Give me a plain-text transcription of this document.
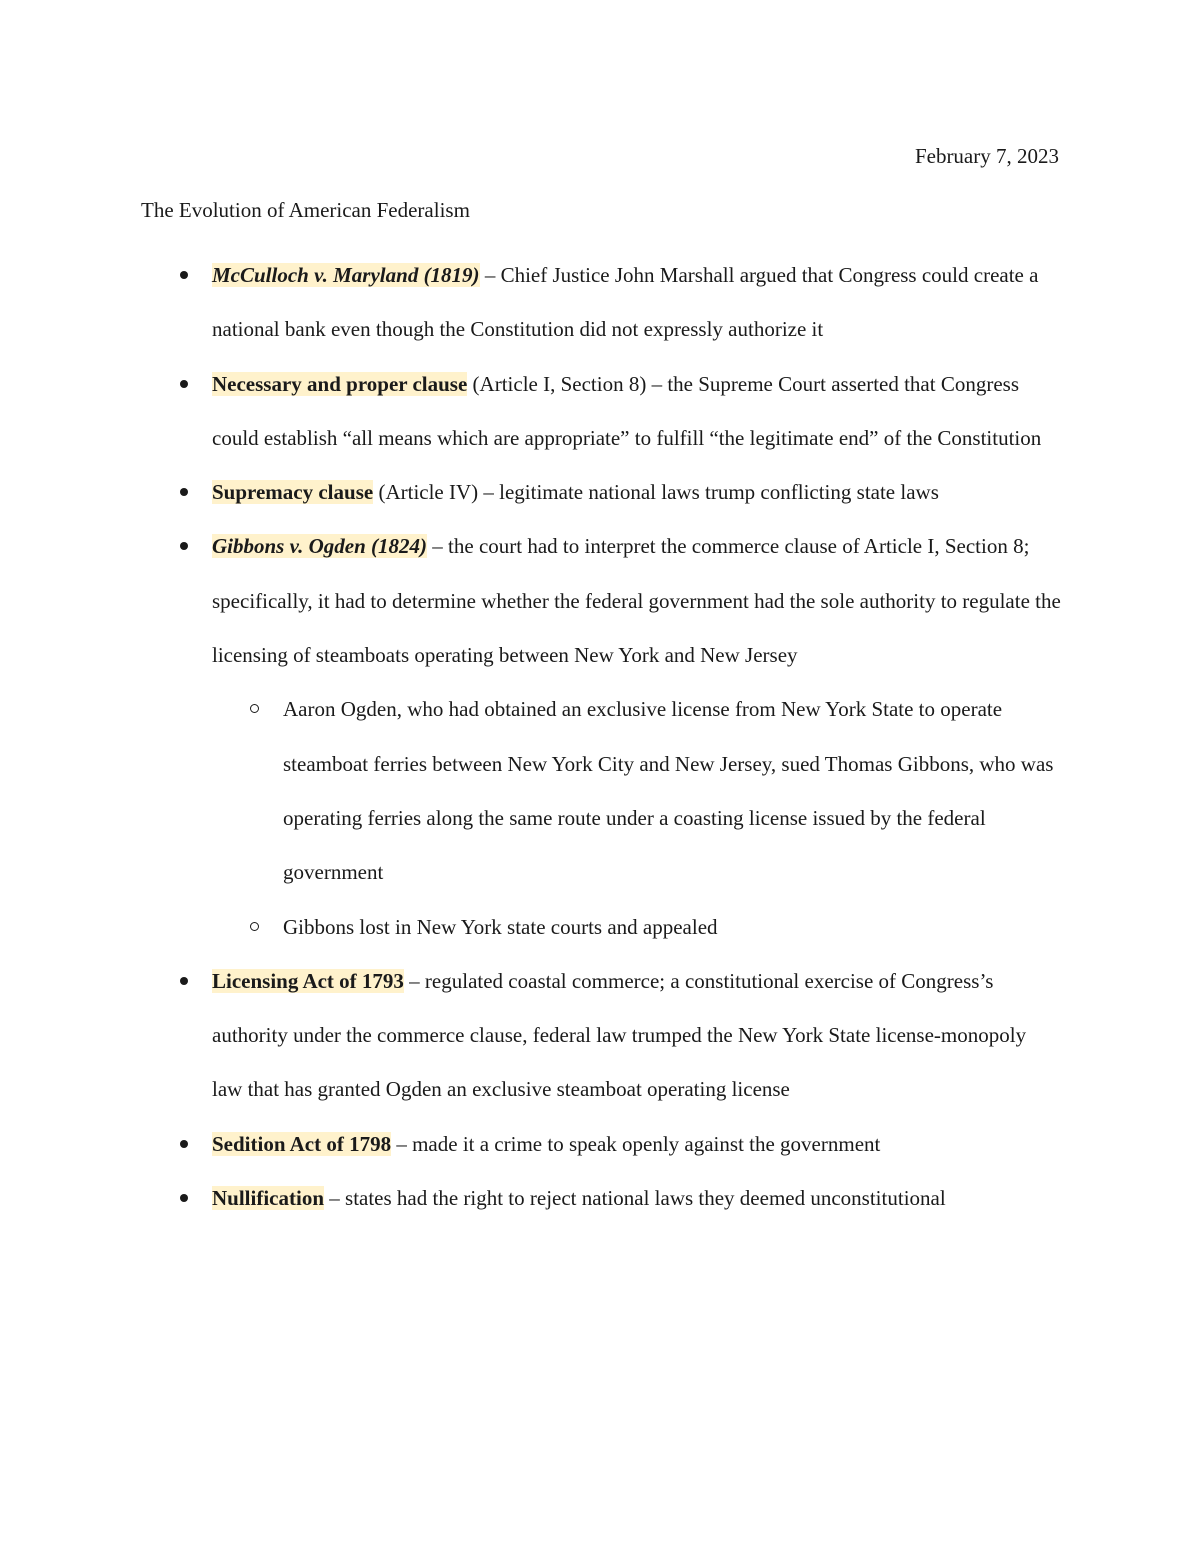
February 7, 2023
The Evolution of American Federalism
McCulloch v. Maryland (1819) – Chief Justice John Marshall argued that Congress could create a national bank even though the Constitution did not expressly authorize it
Necessary and proper clause (Article I, Section 8) – the Supreme Court asserted that Congress could establish “all means which are appropriate” to fulfill “the legitimate end” of the Constitution
Supremacy clause (Article IV) – legitimate national laws trump conflicting state laws
Gibbons v. Ogden (1824) – the court had to interpret the commerce clause of Article I, Section 8; specifically, it had to determine whether the federal government had the sole authority to regulate the licensing of steamboats operating between New York and New Jersey
Aaron Ogden, who had obtained an exclusive license from New York State to operate steamboat ferries between New York City and New Jersey, sued Thomas Gibbons, who was operating ferries along the same route under a coasting license issued by the federal government
Gibbons lost in New York state courts and appealed
Licensing Act of 1793 – regulated coastal commerce; a constitutional exercise of Congress’s authority under the commerce clause, federal law trumped the New York State license-monopoly law that has granted Ogden an exclusive steamboat operating license
Sedition Act of 1798 – made it a crime to speak openly against the government
Nullification – states had the right to reject national laws they deemed unconstitutional
